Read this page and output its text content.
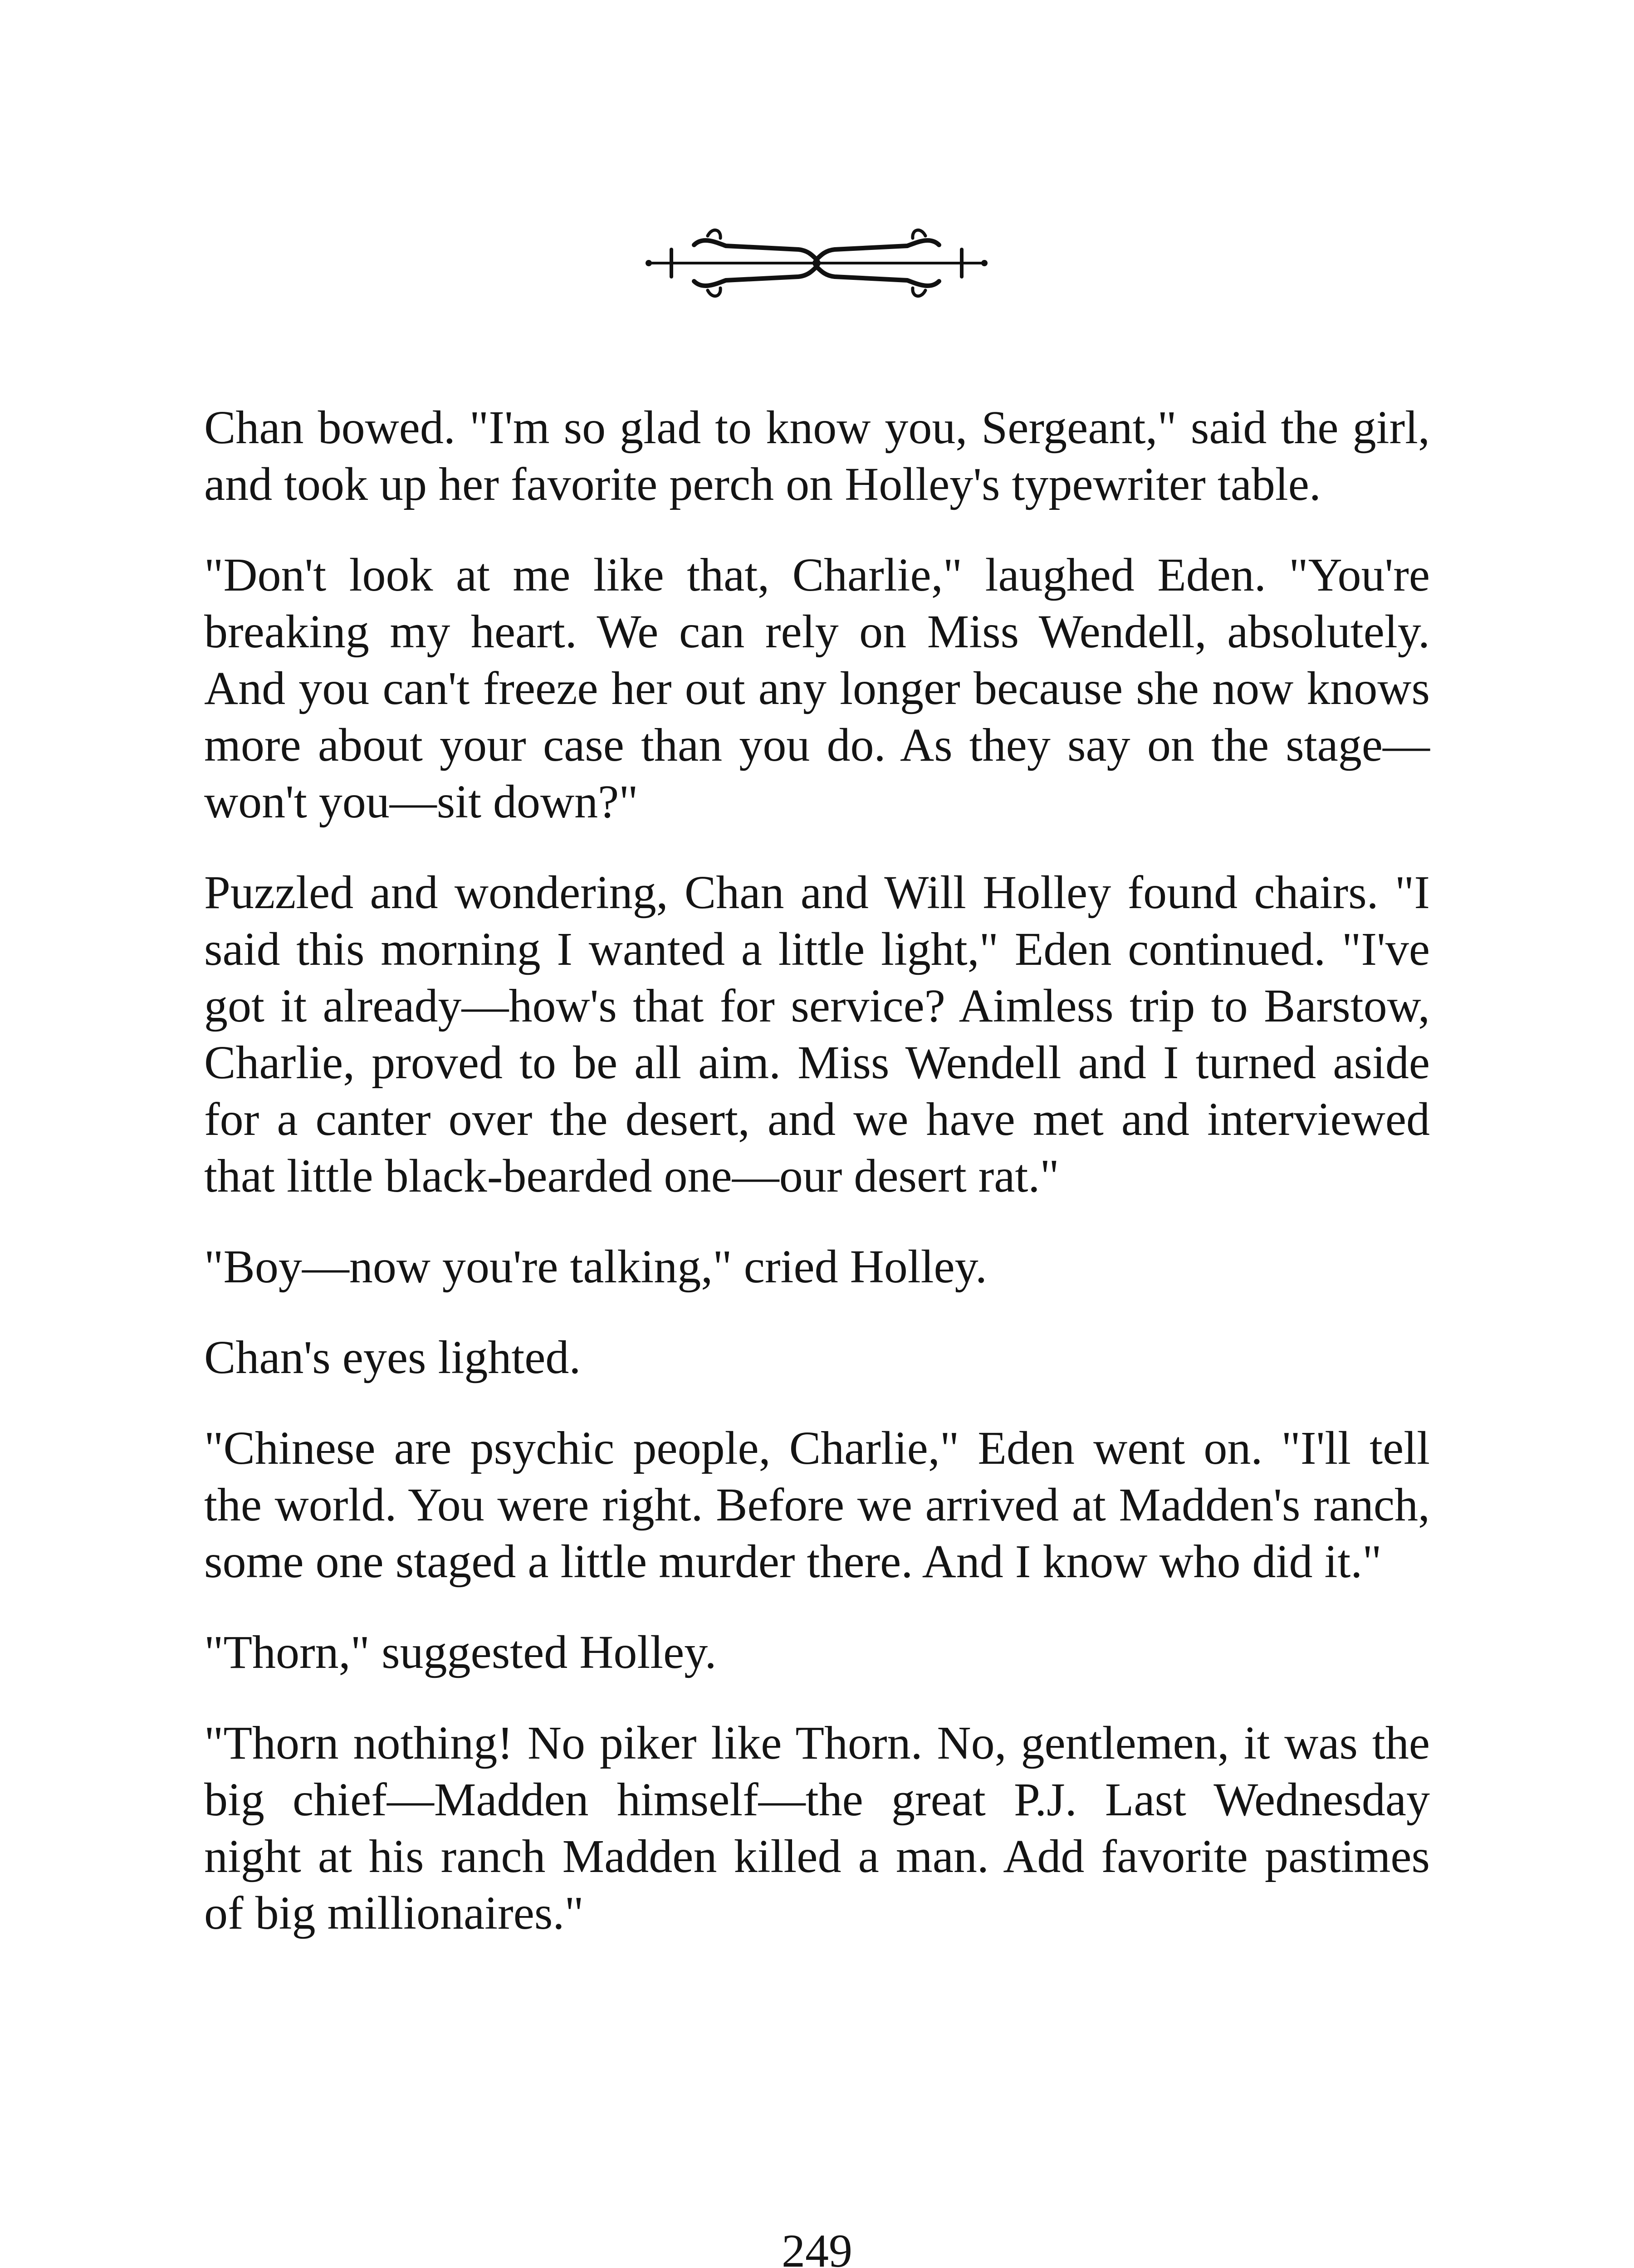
Chan bowed. "I'm so glad to know you, Sergeant," said the girl, and took up her favorite perch on Holley's typewriter table.

"Don't look at me like that, Charlie," laughed Eden. "You're breaking my heart. We can rely on Miss Wendell, absolutely. And you can't freeze her out any longer because she now knows more about your case than you do. As they say on the stage—won't you—sit down?"

Puzzled and wondering, Chan and Will Holley found chairs. "I said this morning I wanted a little light," Eden continued. "I've got it already—how's that for service? Aimless trip to Barstow, Charlie, proved to be all aim. Miss Wendell and I turned aside for a canter over the desert, and we have met and interviewed that little black-bearded one—our desert rat."

"Boy—now you're talking," cried Holley.

Chan's eyes lighted.

"Chinese are psychic people, Charlie," Eden went on. "I'll tell the world. You were right. Before we arrived at Madden's ranch, some one staged a little murder there. And I know who did it."

"Thorn," suggested Holley.

"Thorn nothing! No piker like Thorn. No, gentlemen, it was the big chief—Madden himself—the great P.J. Last Wednesday night at his ranch Madden killed a man. Add favorite pastimes of big millionaires."

249
